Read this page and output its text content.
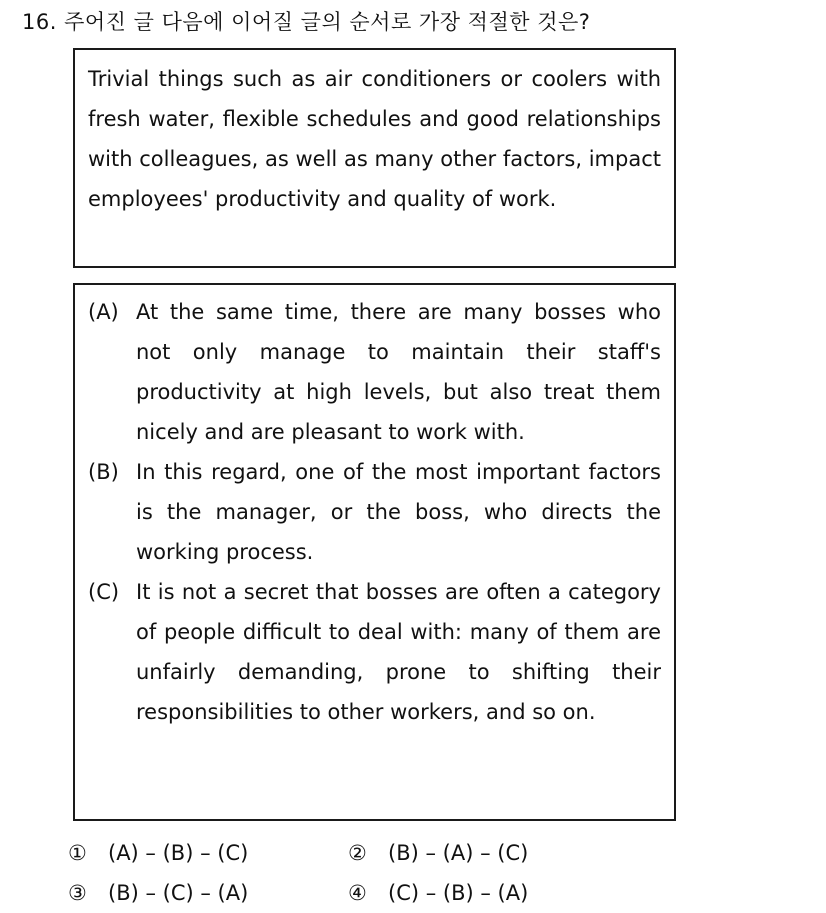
16. 주어진 글 다음에 이어질 글의 순서로 가장 적절한 것은?

Trivial things such as air conditioners or coolers with fresh water, flexible schedules and good relationships with colleagues, as well as many other factors, impact employees' productivity and quality of work.

(A) At the same time, there are many bosses who not only manage to maintain their staff's productivity at high levels, but also treat them nicely and are pleasant to work with.

(B) In this regard, one of the most important factors is the manager, or the boss, who directs the working process.

(C) It is not a secret that bosses are often a category of people difficult to deal with: many of them are unfairly demanding, prone to shifting their responsibilities to other workers, and so on.

①	(A) – (B) – (C)	②	(B) – (A) – (C)
③	(B) – (C) – (A)	④	(C) – (B) – (A)
